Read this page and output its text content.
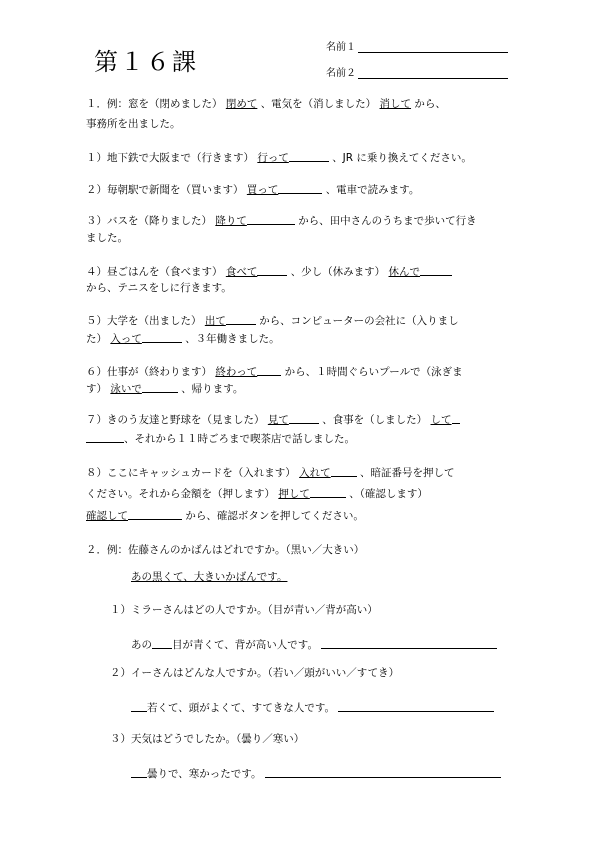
第１６課
名前１
名前２
１．例：窓を（閉めました） 閉めて 、電気を（消しました） 消して から、
事務所を出ました。
１）地下鉄で大阪まで（行きます） 行って	、JR に乗り換えてください。
２）毎朝駅で新聞を（買います） 買って	、電車で読みます。
３）バスを（降りました） 降りて	から、田中さんのうちまで歩いて行き
ました。
４）昼ごはんを（食べます） 食べて	、少し（休みます） 休んで
から、テニスをしに行きます。
５）大学を（出ました） 出て	から、コンピューターの会社に（入りまし
た） 入って	、３年働きました。
６）仕事が（終わります） 終わって	から、１時間ぐらいプールで（泳ぎま
す） 泳いで	、帰ります。
７）きのう友達と野球を（見ました） 見て	、食事を（しました） して
、それから１１時ごろまで喫茶店で話しました。
８）ここにキャッシュカードを（入れます） 入れて	、暗証番号を押して
ください。それから金額を（押します） 押して	、（確認します）
確認して	から、確認ボタンを押してください。
２．例：佐藤さんのかばんはどれですか。（黒い／大きい）
あの黒くて、大きいかばんです。
１）ミラーさんはどの人ですか。（目が青い／背が高い）
あの 目が青くて、背が高い人です。
２）イーさんはどんな人ですか。（若い／頭がいい／すてき）
若くて、頭がよくて、すてきな人です。
３）天気はどうでしたか。（曇り／寒い）
曇りで、寒かったです。
